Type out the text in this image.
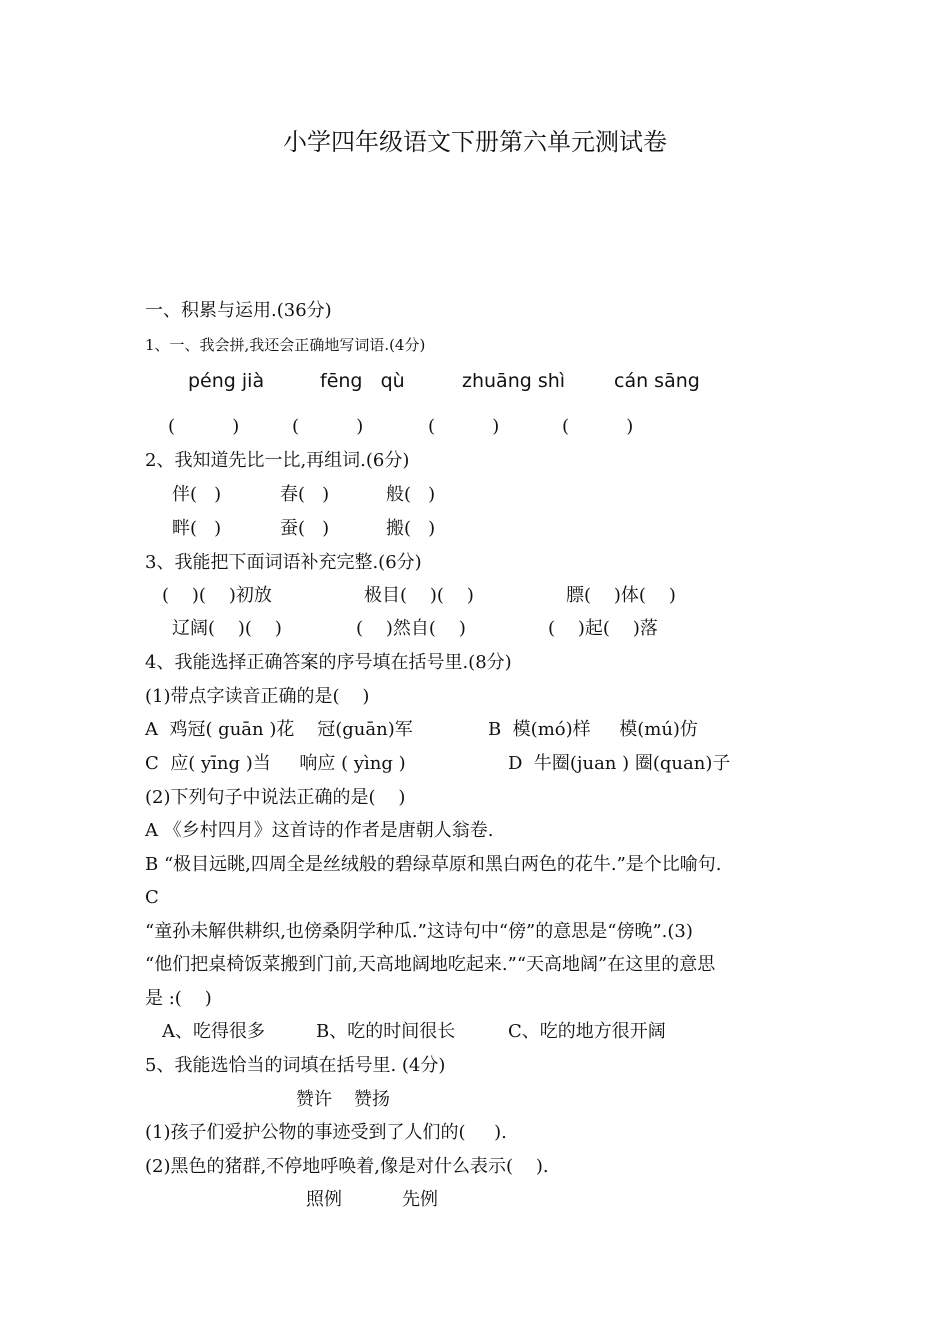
小学四年级语文下册第六单元测试卷
一、积累与运用.(36分)
1、一、我会拼,我还会正确地写词语.(4分)
péng jià	fēng   qù	zhuāng shì	cán sāng
(          )	(          )	(          )	(          )
2、我知道先比一比,再组词.(6分)
伴(   )	春(   )	般(   )
畔(   )	蚕(   )	搬(   )
3、我能把下面词语补充完整.(6分)
(    )(    )初放	极目(    )(    )	膘(    )体(    )
辽阔(    )(    )	(    )然自(    )	(    )起(    )落
4、我能选择正确答案的序号填在括号里.(8分)
(1)带点字读音正确的是(    )
A  鸡冠( guān )花    冠(guān)军	B  模(mó)样     模(mú)仿
C  应( yīng )当     响应 ( yìng )	D  牛圈(juan ) 圈(quan)子
(2)下列句子中说法正确的是(    )
A 《乡村四月》这首诗的作者是唐朝人翁卷.
B “极目远眺,四周全是丝绒般的碧绿草原和黑白两色的花牛.”是个比喻句.
C
“童孙未解供耕织,也傍桑阴学种瓜.”这诗句中“傍”的意思是“傍晚”.(3)
“他们把桌椅饭菜搬到门前,天高地阔地吃起来.”“天高地阔”在这里的意思
是 :(    )
A、吃得很多	B、吃的时间很长	C、吃的地方很开阔
5、我能选恰当的词填在括号里. (4分)
赞许 赞扬
(1)孩子们爱护公物的事迹受到了人们的(     ).
(2)黑色的猪群,不停地呼唤着,像是对什么表示(    ).
照例	先例
